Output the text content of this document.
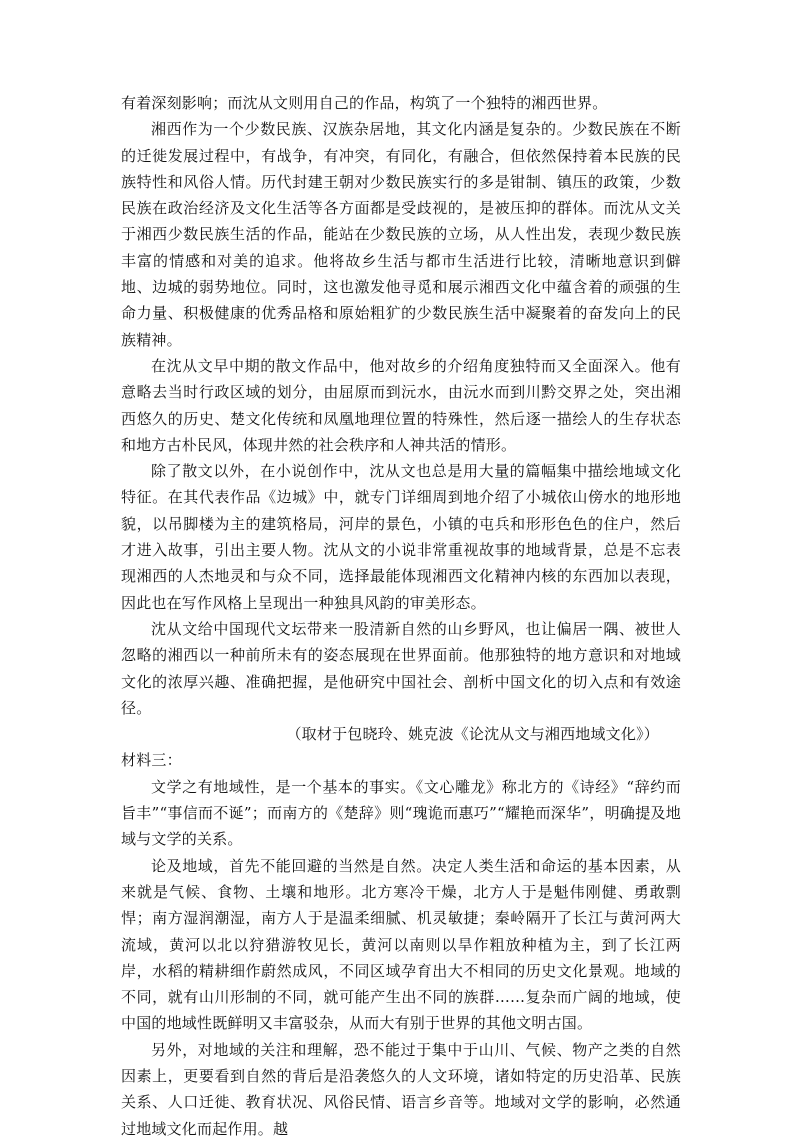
有着深刻影响；而沈从文则用自己的作品，构筑了一个独特的湘西世界。

湘西作为一个少数民族、汉族杂居地，其文化内涵是复杂的。少数民族在不断的迁徙发展过程中，有战争，有冲突，有同化，有融合，但依然保持着本民族的民族特性和风俗人情。历代封建王朝对少数民族实行的多是钳制、镇压的政策，少数民族在政治经济及文化生活等各方面都是受歧视的，是被压抑的群体。而沈从文关于湘西少数民族生活的作品，能站在少数民族的立场，从人性出发，表现少数民族丰富的情感和对美的追求。他将故乡生活与都市生活进行比较，清晰地意识到僻地、边城的弱势地位。同时，这也激发他寻觅和展示湘西文化中蕴含着的顽强的生命力量、积极健康的优秀品格和原始粗犷的少数民族生活中凝聚着的奋发向上的民族精神。

在沈从文早中期的散文作品中，他对故乡的介绍角度独特而又全面深入。他有意略去当时行政区域的划分，由屈原而到沅水，由沅水而到川黔交界之处，突出湘西悠久的历史、楚文化传统和凤凰地理位置的特殊性，然后逐一描绘人的生存状态和地方古朴民风，体现井然的社会秩序和人神共活的情形。

除了散文以外，在小说创作中，沈从文也总是用大量的篇幅集中描绘地域文化特征。在其代表作品《边城》中，就专门详细周到地介绍了小城依山傍水的地形地貌，以吊脚楼为主的建筑格局，河岸的景色，小镇的屯兵和形形色色的住户，然后才进入故事，引出主要人物。沈从文的小说非常重视故事的地域背景，总是不忘表现湘西的人杰地灵和与众不同，选择最能体现湘西文化精神内核的东西加以表现，因此也在写作风格上呈现出一种独具风韵的审美形态。

沈从文给中国现代文坛带来一股清新自然的山乡野风，也让偏居一隅、被世人忽略的湘西以一种前所未有的姿态展现在世界面前。他那独特的地方意识和对地域文化的浓厚兴趣、准确把握，是他研究中国社会、剖析中国文化的切入点和有效途径。

（取材于包晓玲、姚克波《论沈从文与湘西地域文化》）

材料三：

文学之有地域性，是一个基本的事实。《文心雕龙》称北方的《诗经》“辞约而旨丰”“事信而不诞”；而南方的《楚辞》则“瑰诡而惠巧”“耀艳而深华”，明确提及地域与文学的关系。

论及地域，首先不能回避的当然是自然。决定人类生活和命运的基本因素，从来就是气候、食物、土壤和地形。北方寒冷干燥，北方人于是魁伟刚健、勇敢剽悍；南方湿润潮湿，南方人于是温柔细腻、机灵敏捷；秦岭隔开了长江与黄河两大流域，黄河以北以狩猎游牧见长，黄河以南则以旱作粗放种植为主，到了长江两岸，水稻的精耕细作蔚然成风，不同区域孕育出大不相同的历史文化景观。地域的不同，就有山川形制的不同，就可能产生出不同的族群……复杂而广阔的地域，使中国的地域性既鲜明又丰富驳杂，从而大有别于世界的其他文明古国。

另外，对地域的关注和理解，恐不能过于集中于山川、气候、物产之类的自然因素上，更要看到自然的背后是沿袭悠久的人文环境，诸如特定的历史沿革、民族关系、人口迁徙、教育状况、风俗民情、语言乡音等。地域对文学的影响，必然通过地域文化而起作用。越
